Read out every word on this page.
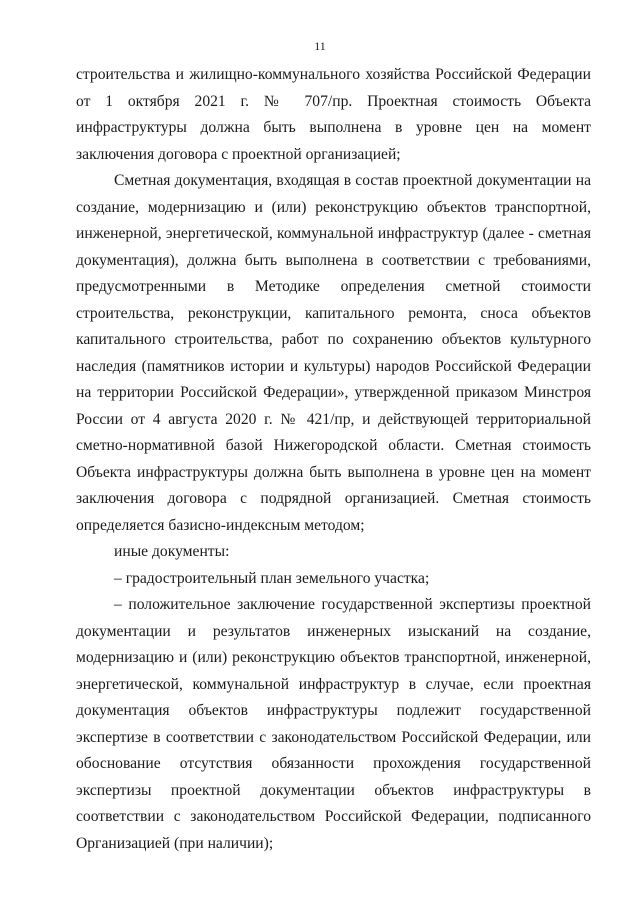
11

строительства и жилищно-коммунального хозяйства Российской Федерации от 1 октября 2021 г. № 707/пр. Проектная стоимость Объекта инфраструктуры должна быть выполнена в уровне цен на момент заключения договора с проектной организацией;

Сметная документация, входящая в состав проектной документации на создание, модернизацию и (или) реконструкцию объектов транспортной, инженерной, энергетической, коммунальной инфраструктур (далее - сметная документация), должна быть выполнена в соответствии с требованиями, предусмотренными в Методике определения сметной стоимости строительства, реконструкции, капитального ремонта, сноса объектов капитального строительства, работ по сохранению объектов культурного наследия (памятников истории и культуры) народов Российской Федерации на территории Российской Федерации», утвержденной приказом Минстроя России от 4 августа 2020 г. № 421/пр, и действующей территориальной сметно-нормативной базой Нижегородской области. Сметная стоимость Объекта инфраструктуры должна быть выполнена в уровне цен на момент заключения договора с подрядной организацией. Сметная стоимость определяется базисно-индексным методом;

иные документы:

– градостроительный план земельного участка;

– положительное заключение государственной экспертизы проектной документации и результатов инженерных изысканий на создание, модернизацию и (или) реконструкцию объектов транспортной, инженерной, энергетической, коммунальной инфраструктур в случае, если проектная документация объектов инфраструктуры подлежит государственной экспертизе в соответствии с законодательством Российской Федерации, или обоснование отсутствия обязанности прохождения государственной экспертизы проектной документации объектов инфраструктуры в соответствии с законодательством Российской Федерации, подписанного Организацией (при наличии);
